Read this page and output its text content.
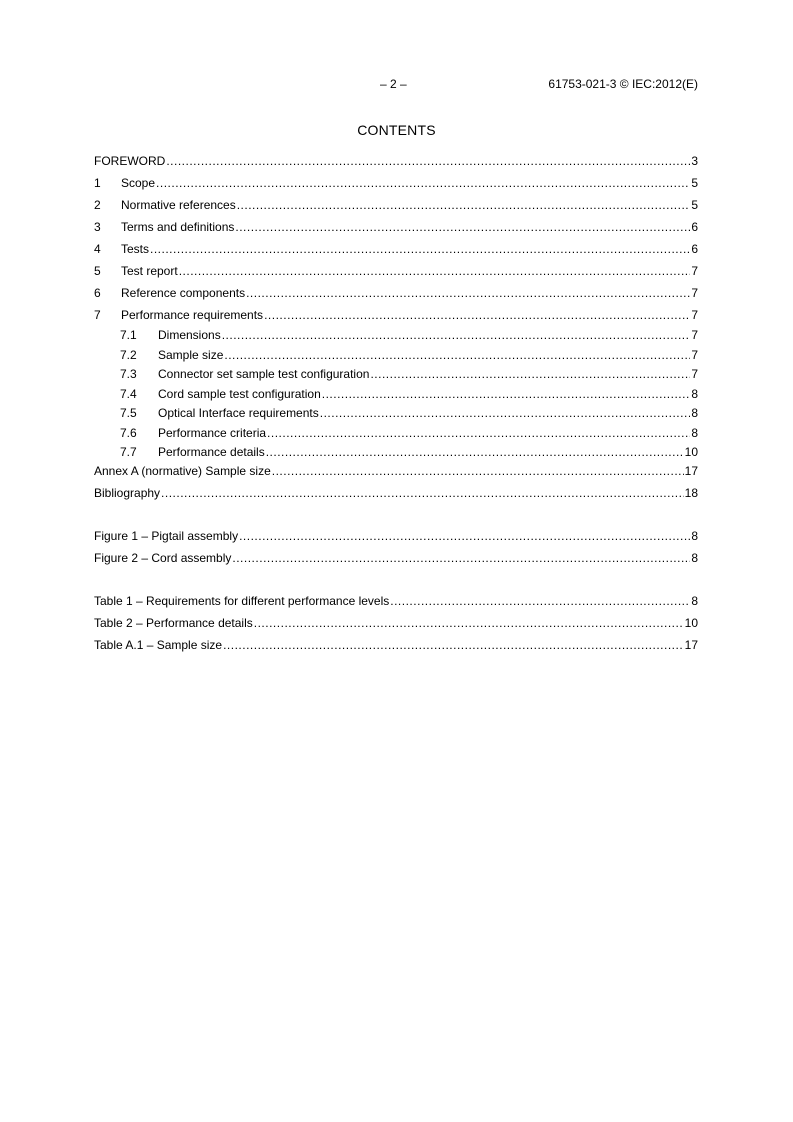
– 2 –	61753-021-3 © IEC:2012(E)
CONTENTS
FOREWORD .....	3
1	Scope .....	5
2	Normative references .....	5
3	Terms and definitions .....	6
4	Tests .....	6
5	Test report .....	7
6	Reference components .....	7
7	Performance requirements .....	7
7.1	Dimensions .....	7
7.2	Sample size .....	7
7.3	Connector set sample test configuration .....	7
7.4	Cord sample test configuration .....	8
7.5	Optical Interface requirements .....	8
7.6	Performance criteria .....	8
7.7	Performance details .....	10
Annex A (normative) Sample size .....	17
Bibliography .....	18
Figure 1 – Pigtail assembly .....	8
Figure 2 – Cord assembly .....	8
Table 1 – Requirements for different performance levels .....	8
Table 2 – Performance details .....	10
Table A.1 – Sample size .....	17
